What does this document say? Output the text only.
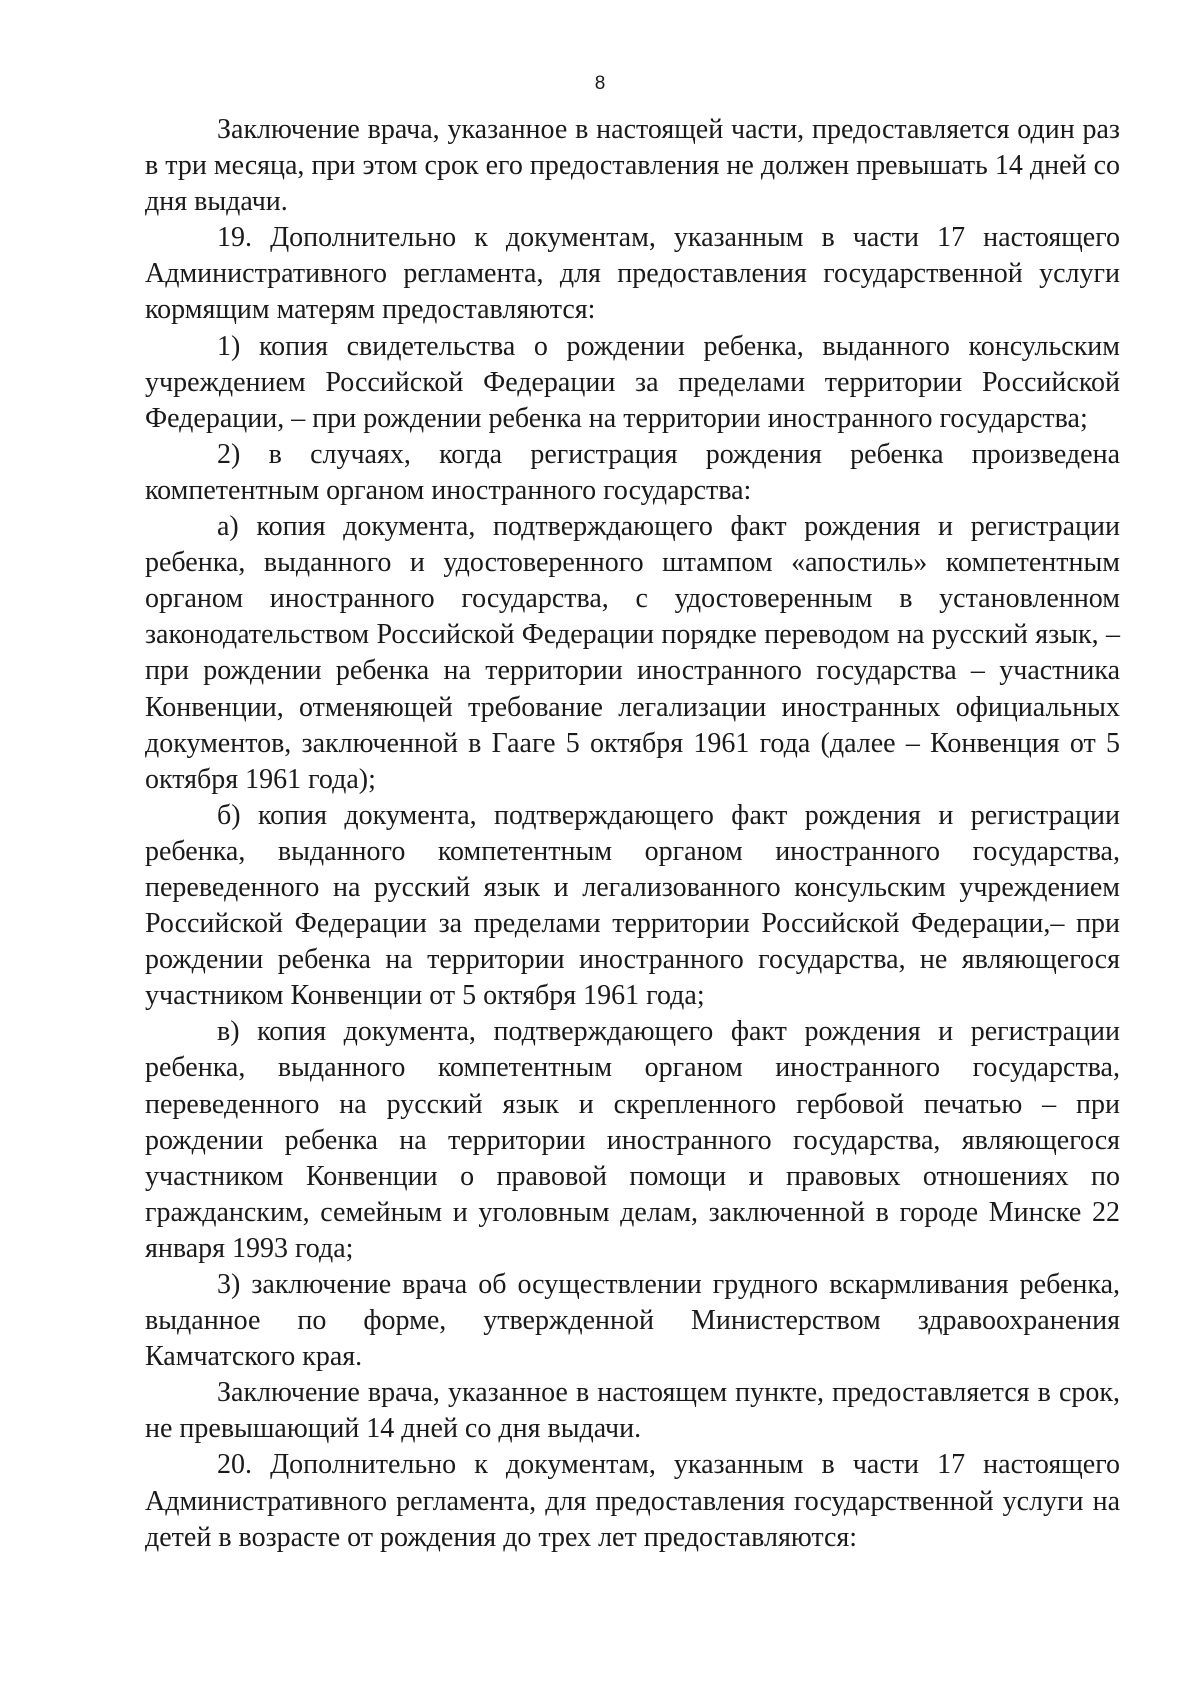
8

Заключение врача, указанное в настоящей части, предоставляется один раз в три месяца, при этом срок его предоставления не должен превышать 14 дней со дня выдачи.

19. Дополнительно к документам, указанным в части 17 настоящего Административного регламента, для предоставления государственной услуги кормящим матерям предоставляются:

1) копия свидетельства о рождении ребенка, выданного консульским учреждением Российской Федерации за пределами территории Российской Федерации, – при рождении ребенка на территории иностранного государства;

2) в случаях, когда регистрация рождения ребенка произведена компетентным органом иностранного государства:

а) копия документа, подтверждающего факт рождения и регистрации ребенка, выданного и удостоверенного штампом «апостиль» компетентным органом иностранного государства, с удостоверенным в установленном законодательством Российской Федерации порядке переводом на русский язык, – при рождении ребенка на территории иностранного государства – участника Конвенции, отменяющей требование легализации иностранных официальных документов, заключенной в Гааге 5 октября 1961 года (далее – Конвенция от 5 октября 1961 года);

б) копия документа, подтверждающего факт рождения и регистрации ребенка, выданного компетентным органом иностранного государства, переведенного на русский язык и легализованного консульским учреждением Российской Федерации за пределами территории Российской Федерации,– при рождении ребенка на территории иностранного государства, не являющегося участником Конвенции от 5 октября 1961 года;

в) копия документа, подтверждающего факт рождения и регистрации ребенка, выданного компетентным органом иностранного государства, переведенного на русский язык и скрепленного гербовой печатью – при рождении ребенка на территории иностранного государства, являющегося участником Конвенции о правовой помощи и правовых отношениях по гражданским, семейным и уголовным делам, заключенной в городе Минске 22 января 1993 года;

3) заключение врача об осуществлении грудного вскармливания ребенка, выданное по форме, утвержденной Министерством здравоохранения Камчатского края.

Заключение врача, указанное в настоящем пункте, предоставляется в срок, не превышающий 14 дней со дня выдачи.

20. Дополнительно к документам, указанным в части 17 настоящего Административного регламента, для предоставления государственной услуги на детей в возрасте от рождения до трех лет предоставляются:
